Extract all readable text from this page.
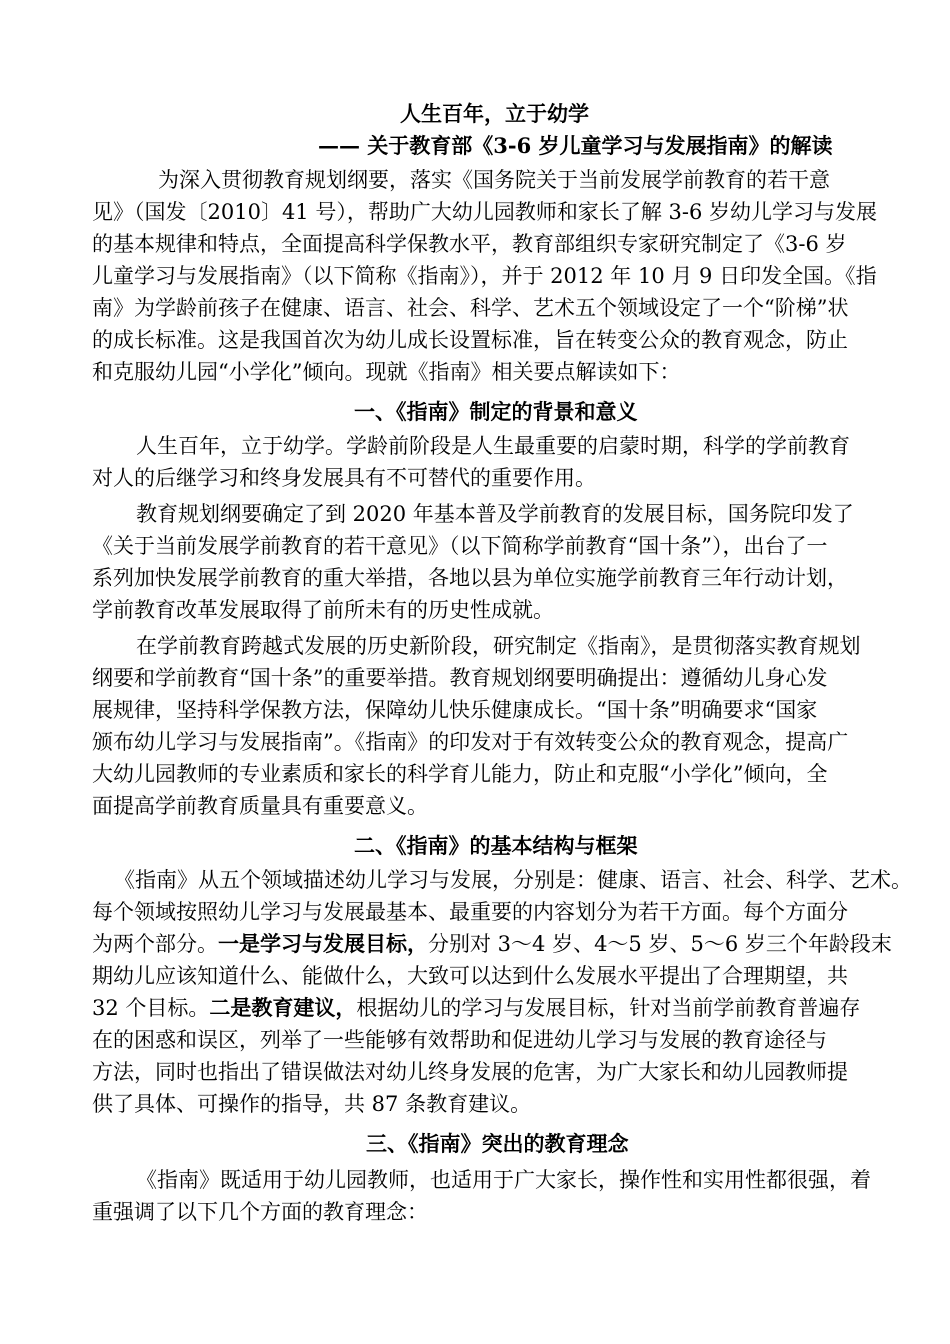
人生百年，立于幼学
—— 关于教育部《3-6 岁儿童学习与发展指南》的解读
为深入贯彻教育规划纲要，落实《国务院关于当前发展学前教育的若干意
见》（国发〔2010〕41 号），帮助广大幼儿园教师和家长了解 3-6 岁幼儿学习与发展
的基本规律和特点，全面提高科学保教水平，教育部组织专家研究制定了《3-6 岁
儿童学习与发展指南》（以下简称《指南》），并于 2012 年 10 月 9 日印发全国。《指
南》为学龄前孩子在健康、语言、社会、科学、艺术五个领域设定了一个“阶梯”状
的成长标准。这是我国首次为幼儿成长设置标准，旨在转变公众的教育观念，防止
和克服幼儿园“小学化”倾向。现就《指南》相关要点解读如下：
一、《指南》制定的背景和意义
人生百年，立于幼学。学龄前阶段是人生最重要的启蒙时期，科学的学前教育
对人的后继学习和终身发展具有不可替代的重要作用。
教育规划纲要确定了到 2020 年基本普及学前教育的发展目标，国务院印发了
《关于当前发展学前教育的若干意见》（以下简称学前教育“国十条”），出台了一
系列加快发展学前教育的重大举措，各地以县为单位实施学前教育三年行动计划，
学前教育改革发展取得了前所未有的历史性成就。
在学前教育跨越式发展的历史新阶段，研究制定《指南》，是贯彻落实教育规划
纲要和学前教育“国十条”的重要举措。教育规划纲要明确提出：遵循幼儿身心发
展规律，坚持科学保教方法，保障幼儿快乐健康成长。“国十条”明确要求“国家
颁布幼儿学习与发展指南”。《指南》的印发对于有效转变公众的教育观念，提高广
大幼儿园教师的专业素质和家长的科学育儿能力，防止和克服“小学化”倾向，全
面提高学前教育质量具有重要意义。
二、《指南》的基本结构与框架
《指南》从五个领域描述幼儿学习与发展，分别是：健康、语言、社会、科学、艺术。
每个领域按照幼儿学习与发展最基本、最重要的内容划分为若干方面。每个方面分
为两个部分。一是学习与发展目标，分别对 3～4 岁、4～5 岁、5～6 岁三个年龄段末
期幼儿应该知道什么、能做什么，大致可以达到什么发展水平提出了合理期望，共
32 个目标。二是教育建议，根据幼儿的学习与发展目标，针对当前学前教育普遍存
在的困惑和误区，列举了一些能够有效帮助和促进幼儿学习与发展的教育途径与
方法，同时也指出了错误做法对幼儿终身发展的危害，为广大家长和幼儿园教师提
供了具体、可操作的指导，共 87 条教育建议。
三、《指南》突出的教育理念
《指南》既适用于幼儿园教师，也适用于广大家长，操作性和实用性都很强，着
重强调了以下几个方面的教育理念：
